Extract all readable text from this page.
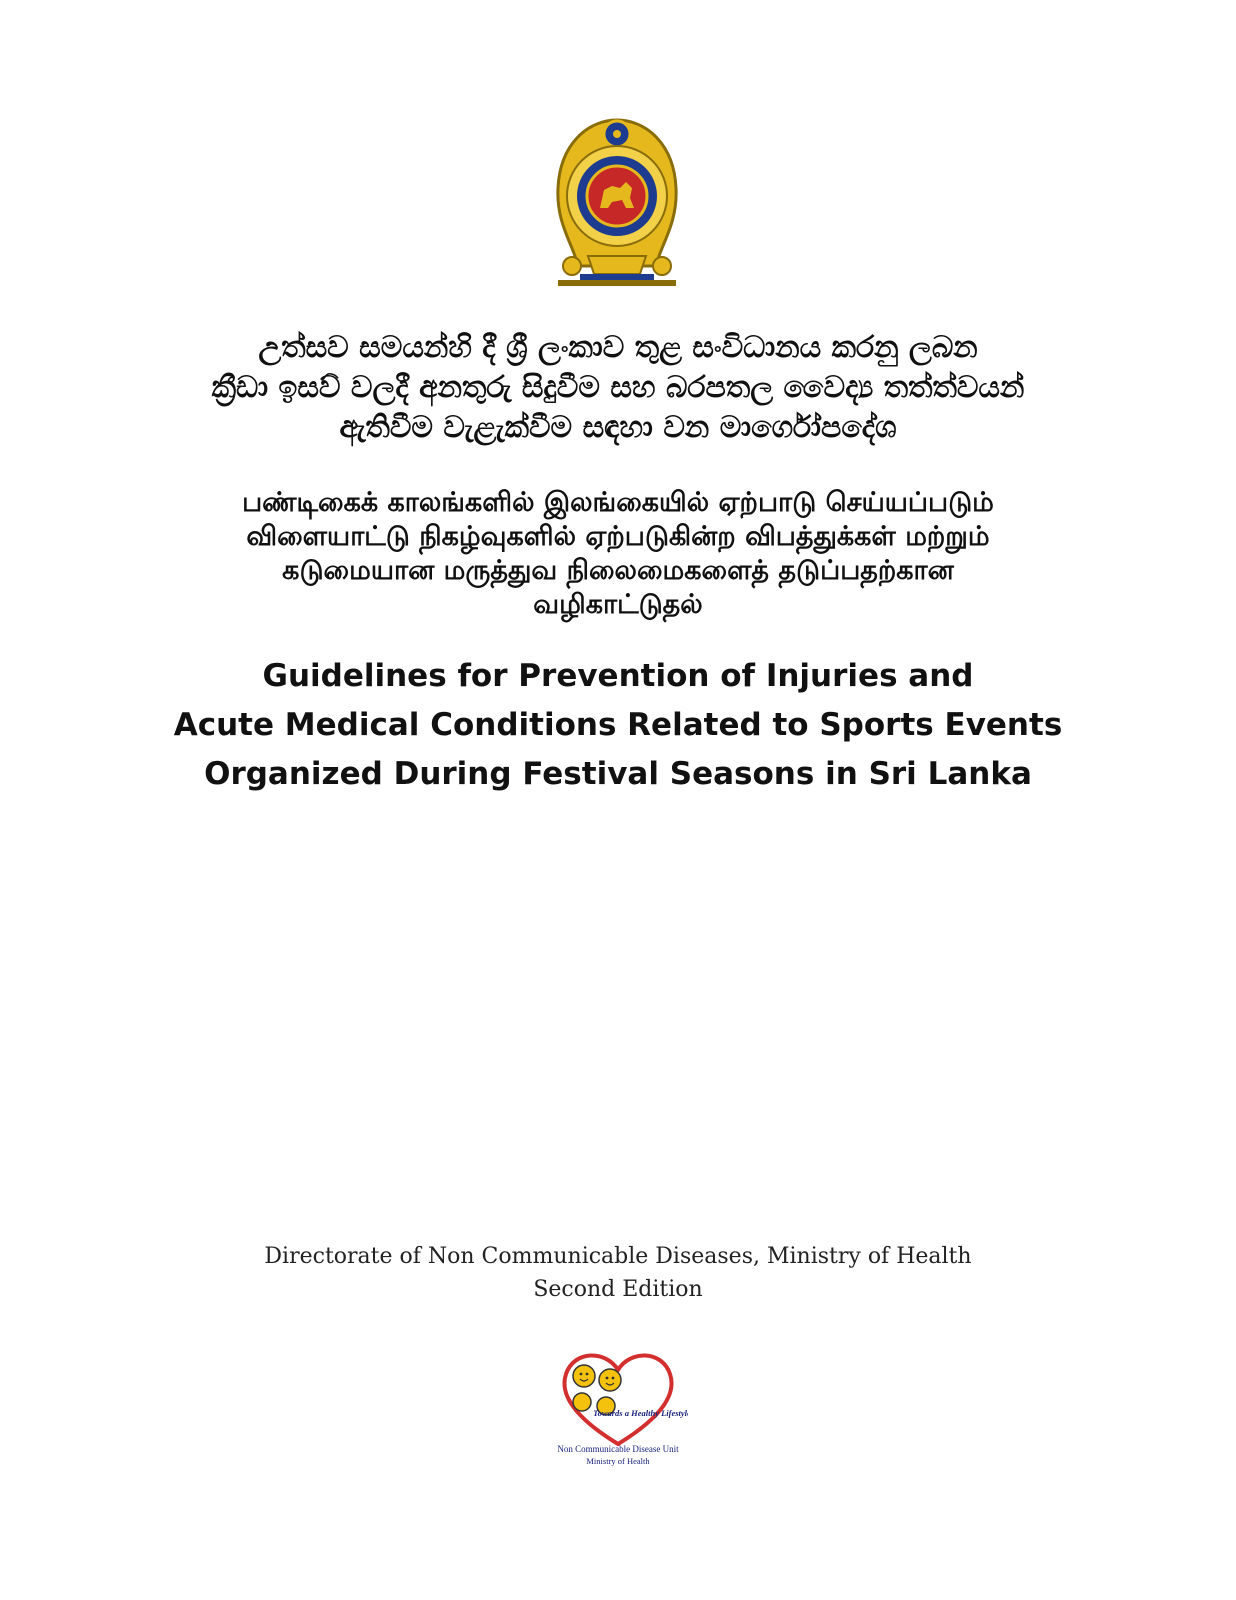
උත්සව සමයන්හි දී ශ්‍රී ලංකාව තුළ සංවිධානය කරනු ලබන
ක්‍රීඩා ඉසව් වලදී අනතුරු සිදුවීම සහ බරපතල වෛද්‍ය තත්ත්වයන්
ඇතිවීම වැළැක්වීම සඳහා වන මාර්ගෝපදේශ
பண்டிகைக் காலங்களில் இலங்கையில் ஏற்பாடு செய்யப்படும்
விளையாட்டு நிகழ்வுகளில் ஏற்படுகின்ற விபத்துக்கள் மற்றும்
கடுமையான மருத்துவ நிலைமைகளைத் தடுப்பதற்கான
வழிகாட்டுதல்
Guidelines for Prevention of Injuries and
Acute Medical Conditions Related to Sports Events
Organized During Festival Seasons in Sri Lanka
Directorate of Non Communicable Diseases, Ministry of Health
Second Edition
Towards a Healthy Lifestyle
Non Communicable Disease Unit
Ministry of Health
